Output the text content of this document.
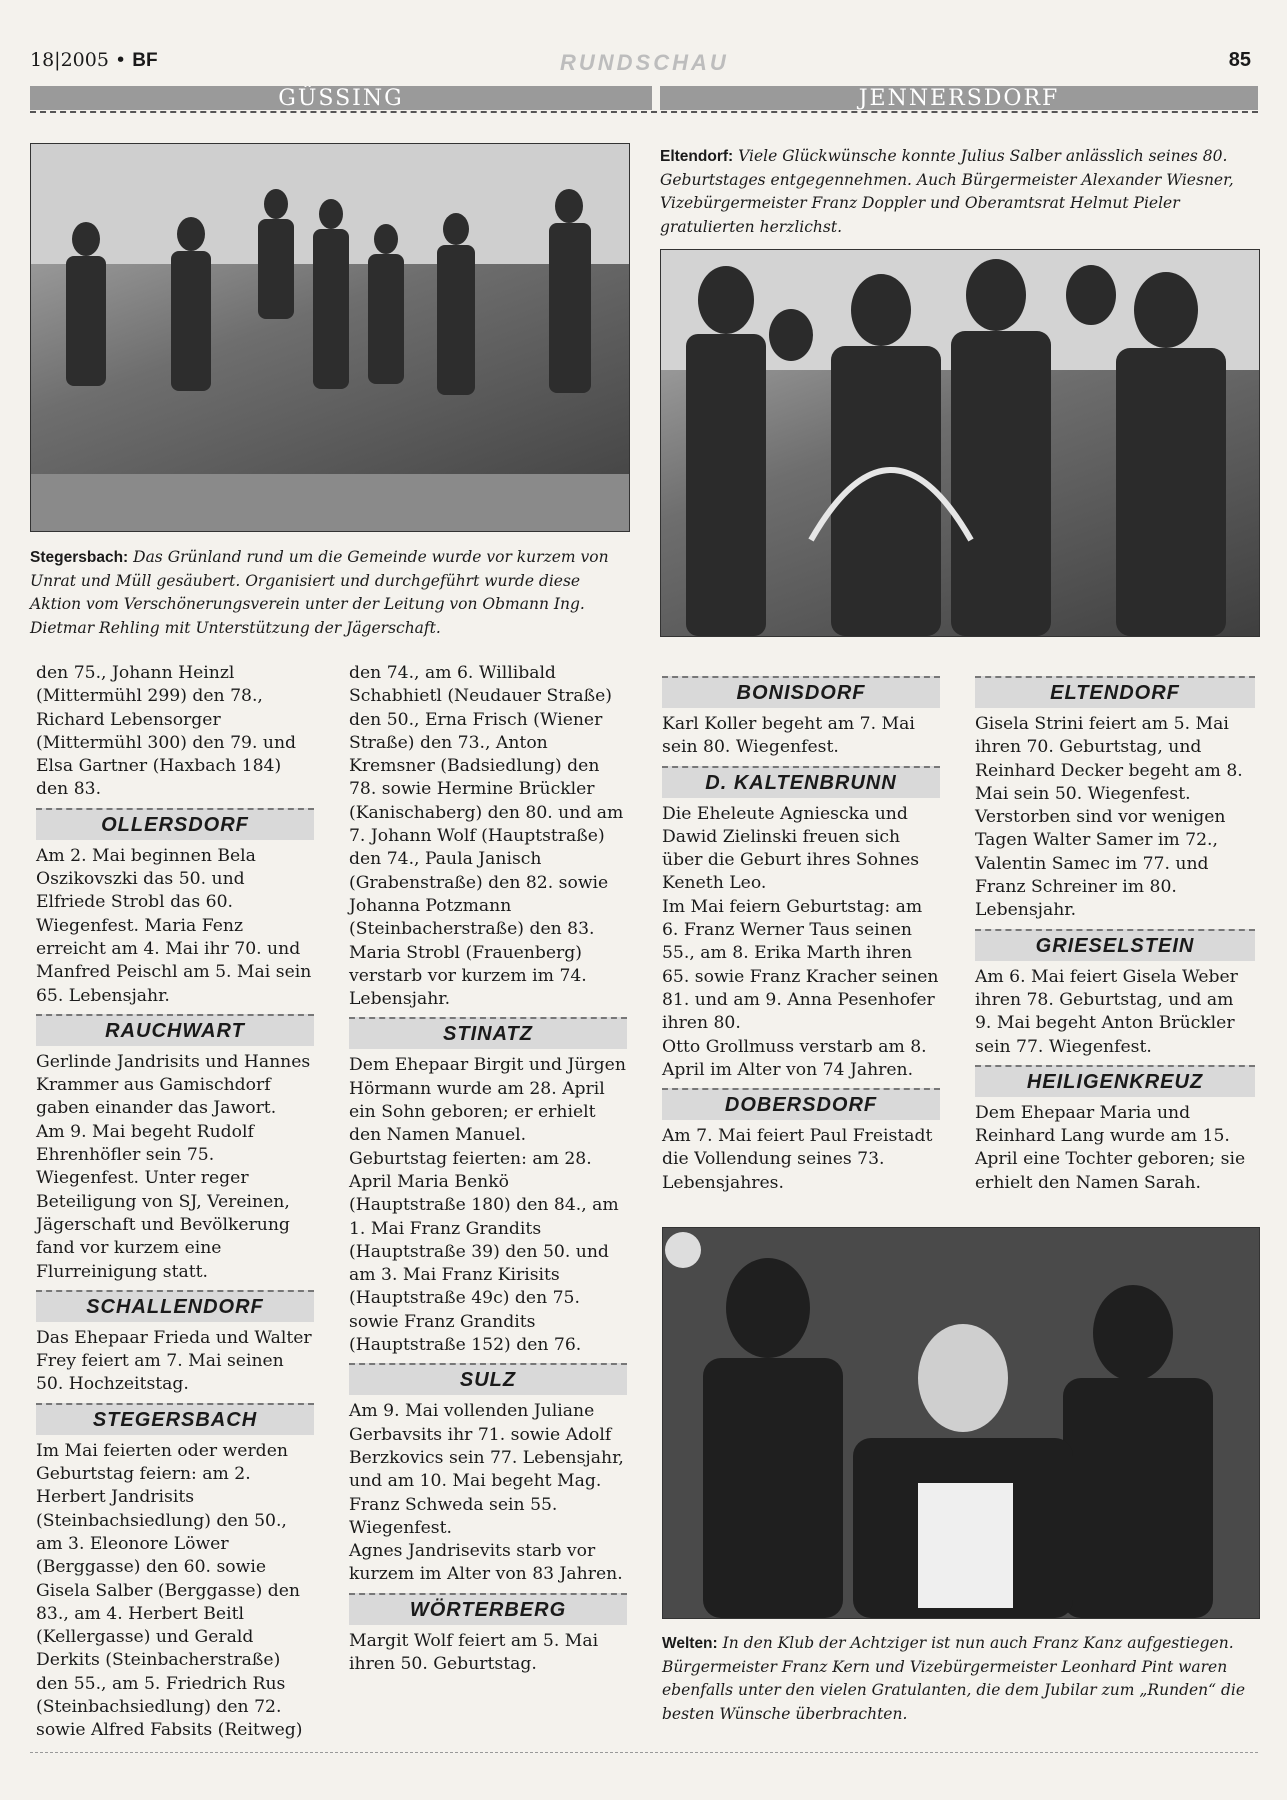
18|2005 • BF	RUNDSCHAU	85
GÜSSING	JENNERSDORF
Stegersbach: Das Grünland rund um die Gemeinde wurde vor kurzem von Unrat und Müll gesäubert. Organisiert und durchgeführt wurde diese Aktion vom Verschönerungsverein unter der Leitung von Obmann Ing. Dietmar Rehling mit Unterstützung der Jägerschaft.
Eltendorf: Viele Glückwünsche konnte Julius Salber anlässlich seines 80. Geburtstages entgegennehmen. Auch Bürgermeister Alexander Wiesner, Vizebürgermeister Franz Doppler und Oberamtsrat Helmut Pieler gratulierten herzlichst.

den 75., Johann Heinzl (Mittermühl 299) den 78., Richard Lebensorger (Mittermühl 300) den 79. und Elsa Gartner (Haxbach 184) den 83.

OLLERSDORF

Am 2. Mai beginnen Bela Oszikovszki das 50. und Elfriede Strobl das 60. Wiegenfest. Maria Fenz erreicht am 4. Mai ihr 70. und Manfred Peischl am 5. Mai sein 65. Lebensjahr.

RAUCHWART

Gerlinde Jandrisits und Hannes Krammer aus Gamischdorf gaben einander das Jawort.

Am 9. Mai begeht Rudolf Ehrenhöfler sein 75. Wiegenfest. Unter reger Beteiligung von SJ, Vereinen, Jägerschaft und Bevölkerung fand vor kurzem eine Flurreinigung statt.

SCHALLENDORF

Das Ehepaar Frieda und Walter Frey feiert am 7. Mai seinen 50. Hochzeitstag.

STEGERSBACH

Im Mai feierten oder werden Geburtstag feiern: am 2. Herbert Jandrisits (Steinbachsiedlung) den 50., am 3. Eleonore Löwer (Berggasse) den 60. sowie Gisela Salber (Berggasse) den 83., am 4. Herbert Beitl (Kellergasse) und Gerald Derkits (Steinbacherstraße) den 55., am 5. Friedrich Rus (Steinbachsiedlung) den 72. sowie Alfred Fabsits (Reitweg)

den 74., am 6. Willibald Schabhietl (Neudauer Straße) den 50., Erna Frisch (Wiener Straße) den 73., Anton Kremsner (Badsiedlung) den 78. sowie Hermine Brückler (Kanischaberg) den 80. und am 7. Johann Wolf (Hauptstraße) den 74., Paula Janisch (Grabenstraße) den 82. sowie Johanna Potzmann (Steinbacherstraße) den 83.

Maria Strobl (Frauenberg) verstarb vor kurzem im 74. Lebensjahr.

STINATZ

Dem Ehepaar Birgit und Jürgen Hörmann wurde am 28. April ein Sohn geboren; er erhielt den Namen Manuel.

Geburtstag feierten: am 28. April Maria Benkö (Hauptstraße 180) den 84., am 1. Mai Franz Grandits (Hauptstraße 39) den 50. und am 3. Mai Franz Kirisits (Hauptstraße 49c) den 75. sowie Franz Grandits (Hauptstraße 152) den 76.

SULZ

Am 9. Mai vollenden Juliane Gerbavsits ihr 71. sowie Adolf Berzkovics sein 77. Lebensjahr, und am 10. Mai begeht Mag. Franz Schweda sein 55. Wiegenfest.

Agnes Jandrisevits starb vor kurzem im Alter von 83 Jahren.

WÖRTERBERG

Margit Wolf feiert am 5. Mai ihren 50. Geburtstag.

BONISDORF

Karl Koller begeht am 7. Mai sein 80. Wiegenfest.

D. KALTENBRUNN

Die Eheleute Agniescka und Dawid Zielinski freuen sich über die Geburt ihres Sohnes Keneth Leo.

Im Mai feiern Geburtstag: am 6. Franz Werner Taus seinen 55., am 8. Erika Marth ihren 65. sowie Franz Kracher seinen 81. und am 9. Anna Pesenhofer ihren 80.

Otto Grollmuss verstarb am 8. April im Alter von 74 Jahren.

DOBERSDORF

Am 7. Mai feiert Paul Freistadt die Vollendung seines 73. Lebensjahres.

ELTENDORF

Gisela Strini feiert am 5. Mai ihren 70. Geburtstag, und Reinhard Decker begeht am 8. Mai sein 50. Wiegenfest.

Verstorben sind vor wenigen Tagen Walter Samer im 72., Valentin Samec im 77. und Franz Schreiner im 80. Lebensjahr.

GRIESELSTEIN

Am 6. Mai feiert Gisela Weber ihren 78. Geburtstag, und am 9. Mai begeht Anton Brückler sein 77. Wiegenfest.

HEILIGENKREUZ

Dem Ehepaar Maria und Reinhard Lang wurde am 15. April eine Tochter geboren; sie erhielt den Namen Sarah.

Welten: In den Klub der Achtziger ist nun auch Franz Kanz aufgestiegen. Bürgermeister Franz Kern und Vizebürgermeister Leonhard Pint waren ebenfalls unter den vielen Gratulanten, die dem Jubilar zum „Runden“ die besten Wünsche überbrachten.
